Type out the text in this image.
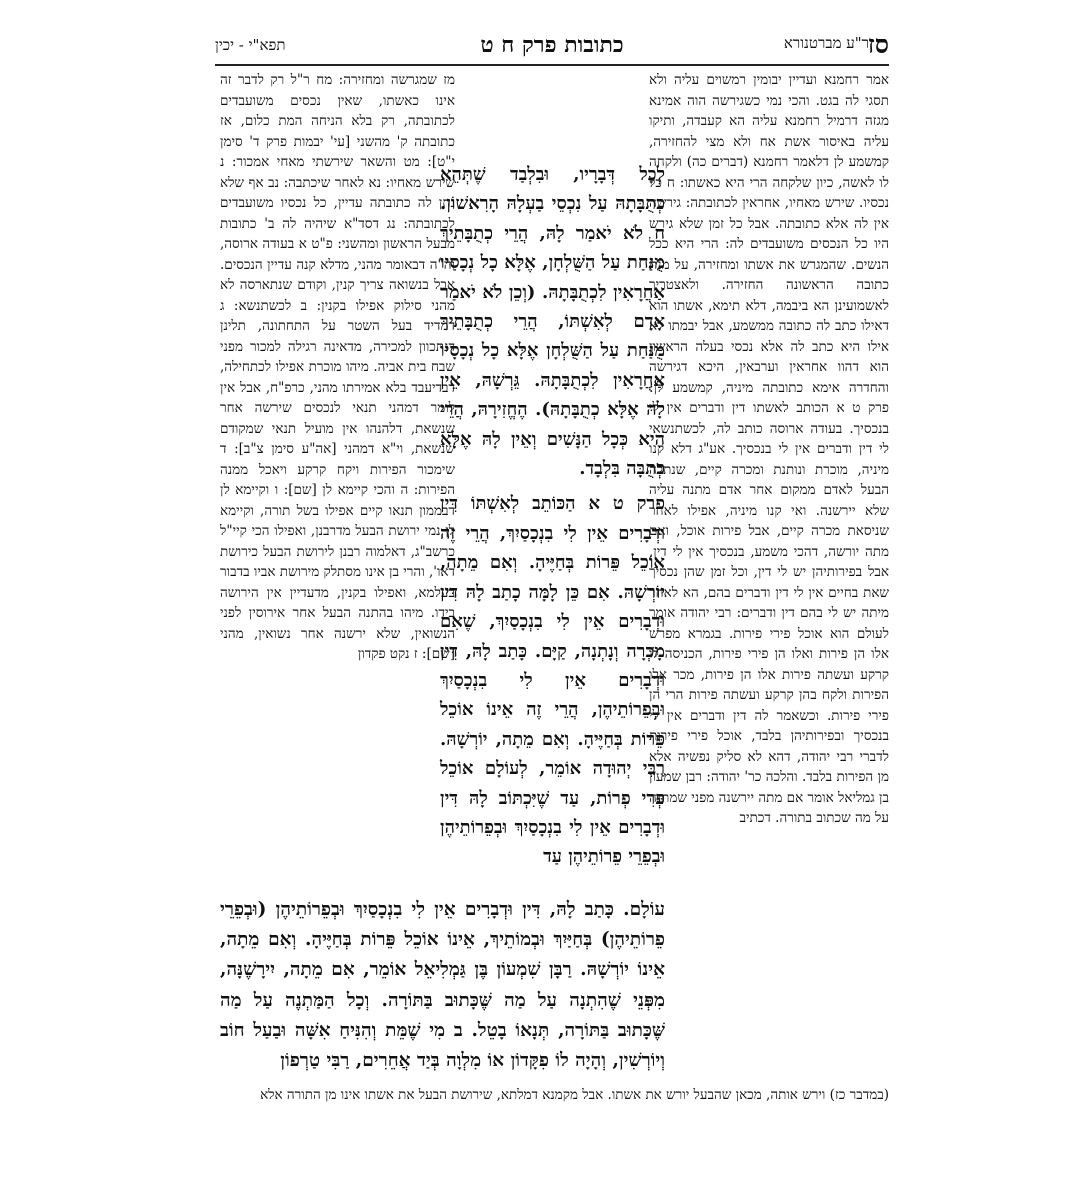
סז
כתובות פרק ח ט
תפא"י - יכין	ר"ע מברטנורא

אמר רחמנא ועדיין יבומין רמשוים עליה ולא תסגי לה בגט. והכי נמי כשגירשה הוה אמינא מגזה דרמיל רחמנא עליה הא קעבדה, ותיקו עליה באיסור אשת אח ולא מצי להחזירה, קמשמע לן דלאמר רחמנא (דברים כה) ולקחה לו לאשה, כיון שלקחה הרי היא כאשתו: ח כל נכסיו. שירש מאחיו, אחראין לכתובתה: גירשה אין לה אלא כתובתה. אבל כל זמן שלא גירש היו כל הנכסים משועבדים לה: הרי היא ככל הנשים. שהמגרש את אשתו ומחזירה, על מנת כתובה הראשונה החזירה. ולאצטריך לאשמועינן הא ביבמה, דלא תימא, אשתו הוא דאילו כתב לה כתובה ממשמע, אבל יבמתו לא אילו היא כתב לה אלא נכסי בעלה הראשון הוא דהוו אחראין וערבאין, היכא דגירשה והחדרה אימא כתובתה מיניה, קמשמע לן: פרק ט א הכותב לאשתו דין ודברים אין לי בנכסיך. בעודה ארוסה כותב לה, לכשתנשאי לי דין ודברים אין לי בנכסיך. אע"ג דלא קנו מיניה, מוכרת ונותנת ומכרה קיים, שנתלה הבעל לאדם ממקום אחר אדם מתנה עליה שלא יירשנה. ואי קנו מיניה, אפילו לאחר שניסאת מכרה קיים, אבל פירות אוכל, ואם מתה יורשה, דהכי משמע, בנכסיך אין לי דין, אבל בפירותיהן יש לי דין, וכל זמן שהן נכסיך שאת בחיים אין לי דין ודברים בהם, הא לאחר מיתה יש לי בהם דין ודברים: רבי יהודה אומר לעולם הוא אוכל פירי פירות. בגמרא מפרש אלו הן פירות ואלו הן פירי פירות, הכניסה לו קרקע ועשתה פירות אלו הן פירות, מכר אלו הפירות ולקח בהן קרקע ועשתה פירות הרי הן פירי פירות. וכשאמר לה דין ודברים אין לי בנכסיך ובפירותיהן בלבד, אוכל פירי פירות לדברי רבי יהודה, דהא לא סליק נפשיה אלא מן הפירות בלבד. והלכה כר' יהודה: רבן שמעון בן גמליאל אומר אם מתה יירשנה מפני שמתנה על מה שכתוב בתורה. דכתיב

מז שמגרשה ומחזירה: מח ר"ל רק לדבר זה אינו כאשתו, שאין נכסים משועבדים לכתובתה, רק בלא הניחה המת כלום, אז כתובתה ק' מהשני [עי' יבמות פרק ד' סימן י"ט]: מט והשאר שירשתי מאחי אמכור: נ שירש מאחיו: נא לאחר שיכתבה: נב אף שלא נתן לה כתובתה עדיין, כל נכסיו משועבדים לכתובתה: נג דסד"א שיהיה לה ב' כתובות מבעל הראשון ומהשני: פ"ט א בעודה ארוסה, וה"ה דבאומר מהני, מדלא קנה עדיין הנכסים. אבל בנשואה צריך קנין, וקודם שנתארסה לא מהני סילוק אפילו בקנין: ב לכשתנשא: ג דמדיד בעל השטר על התחתונה, תלינן דנתכוון למכירה, מדאינה רגילה למכור מפני שבח בית אביה. מיהו מוכרת אפילו לכתחילה, דבדיעבד בלא אמירתו מהני, כרפ"ח, אבל אין לומר דמהני תנאי לנכסים שירשה אחר שנשאת, דלהנהו אין מועיל תנאי שמקודם שנשאת, וי"א דמהני [אה"ע סימן צ"ב]: ד שימכור הפירות ויקח קרקע ויאכל ממנה הפירות: ה והכי קיימא לן [שם]: ו וקיימא לן דבממון תנאו קיים אפילו בשל תורה, וקיימא לן נמי ירושת הבעל מדרבנן, ואפילו הכי קיי"ל כרשב"ג, דאלמוה רבנן לירושת הבעל כירושת דאו', והרי בן אינו מסתלק מירושת אביו בדבור בעלמא, ואפילו בקנין, מדעדיין אין הירושה בידו. מיהו בהתנה הבעל אחר אירוסין לפני הנשואין, שלא ירשנה אחר נשואין, מהני [שם]: ז נקט פקדון

לְכָל דְּבָרָיו, וּבִלְבַד שֶׁתְּהֵא כְתֻבָּתָהּ עַל נִכְסֵי בַעְלָהּ הָרִאשׁוֹן. ח לֹא יֹאמַר לָהּ, הֲרֵי כְתֻבָּתֵיךְ מֻנַּחַת עַל הַשֻּׁלְחָן, אֶלָּא כָל נְכָסַיו אַחֲרָאִין לִכְתֻבָּתָהּ. (וְכֵן לֹא יֹאמַר אָדָם לְאִשְׁתּוֹ, הֲרֵי כְתֻבָּתֵיךְ מֻנַּחַת עַל הַשֻּׁלְחָן אֶלָּא כָל נְכָסָיו אַחֲרָאִין לִכְתֻבָּתָהּ. גֵּרְשָׁהּ, אֵין לָהּ אֶלָּא כְתֻבָּתָהּ). הֶחֱזִירָהּ, הֲרֵי הִיא כְּכָל הַנָּשִׁים וְאֵין לָהּ אֶלָּא כְתֻבָּה בִּלְבָד.

פרק ט א הַכּוֹתֵב לְאִשְׁתּוֹ דִּין וּדְבָרִים אֵין לִי בִנְכָסַיִךְ, הֲרֵי זֶה אוֹכֵל פֵּרוֹת בְּחַיֶּיהָ. וְאִם מֵתָה, יוֹרְשָׁהּ. אִם כֵּן לָמָּה כָתַב לָהּ דִּין וּדְבָרִים אֵין לִי בִנְכָסַיִךְ, שֶׁאִם מָכְרָה וְנָתְנָה, קַיָּם. כָּתַב לָהּ, דִּין וּדְבָרִים אֵין לִי בִנְכָסַיִךְ וּבְפֵרוֹתֵיהֶן, הֲרֵי זֶה אֵינוֹ אוֹכֵל פֵּרוֹת בְּחַיֶּיהָ. וְאִם מֵתָה, יוֹרְשָׁהּ. רַבִּי יְהוּדָה אוֹמֵר, לְעוֹלָם אוֹכֵל פְּרִי פְרוֹת, עַד שֶׁיִּכְתּוֹב לָהּ דִּין וּדְבָרִים אֵין לִי בִנְכָסַיִךְ וּבְפֵרוֹתֵיהֶן וּבְפֵרֵי פֵרוֹתֵיהֶן עַד

עוֹלָם. כָּתַב לָהּ, דִּין וּדְבָרִים אֵין לִי בִנְכָסַיִךְ וּבְפֵרוֹתֵיהֶן (וּבְפֵרֵי פֵרוֹתֵיהֶן) בְּחַיַּיִךְ וּבְמוֹתֵיךְ, אֵינוֹ אוֹכֵל פֵּרוֹת בְּחַיֶּיהָ. וְאִם מֵתָה, אֵינוֹ יוֹרְשָׁהּ. רַבָּן שִׁמְעוֹן בֶּן גַּמְלִיאֵל אוֹמֵר, אִם מֵתָה, יִירָשֶׁנָּה, מִפְּנֵי שֶׁהִתְנָה עַל מַה שֶּׁכָּתוּב בַּתּוֹרָה. וְכָל הַמַּתְנֶה עַל מַה שֶּׁכָּתוּב בַּתּוֹרָה, תְּנָאוֹ בָטֵל. ב מִי שֶׁמֵּת וְהִנִּיחַ אִשָּׁה וּבַעַל חוֹב וְיוֹרְשִׁין, וְהָיָה לוֹ פִקָּדוֹן אוֹ מִלְוָה בְּיַד אֲחֵרִים, רַבִּי טַרְפוֹן

(במדבר כז) וירש אותה, מכאן שהבעל יורש את אשתו. אבל מקמנא דמלתא, שירושת הבעל את אשתו אינו מן התורה אלא
